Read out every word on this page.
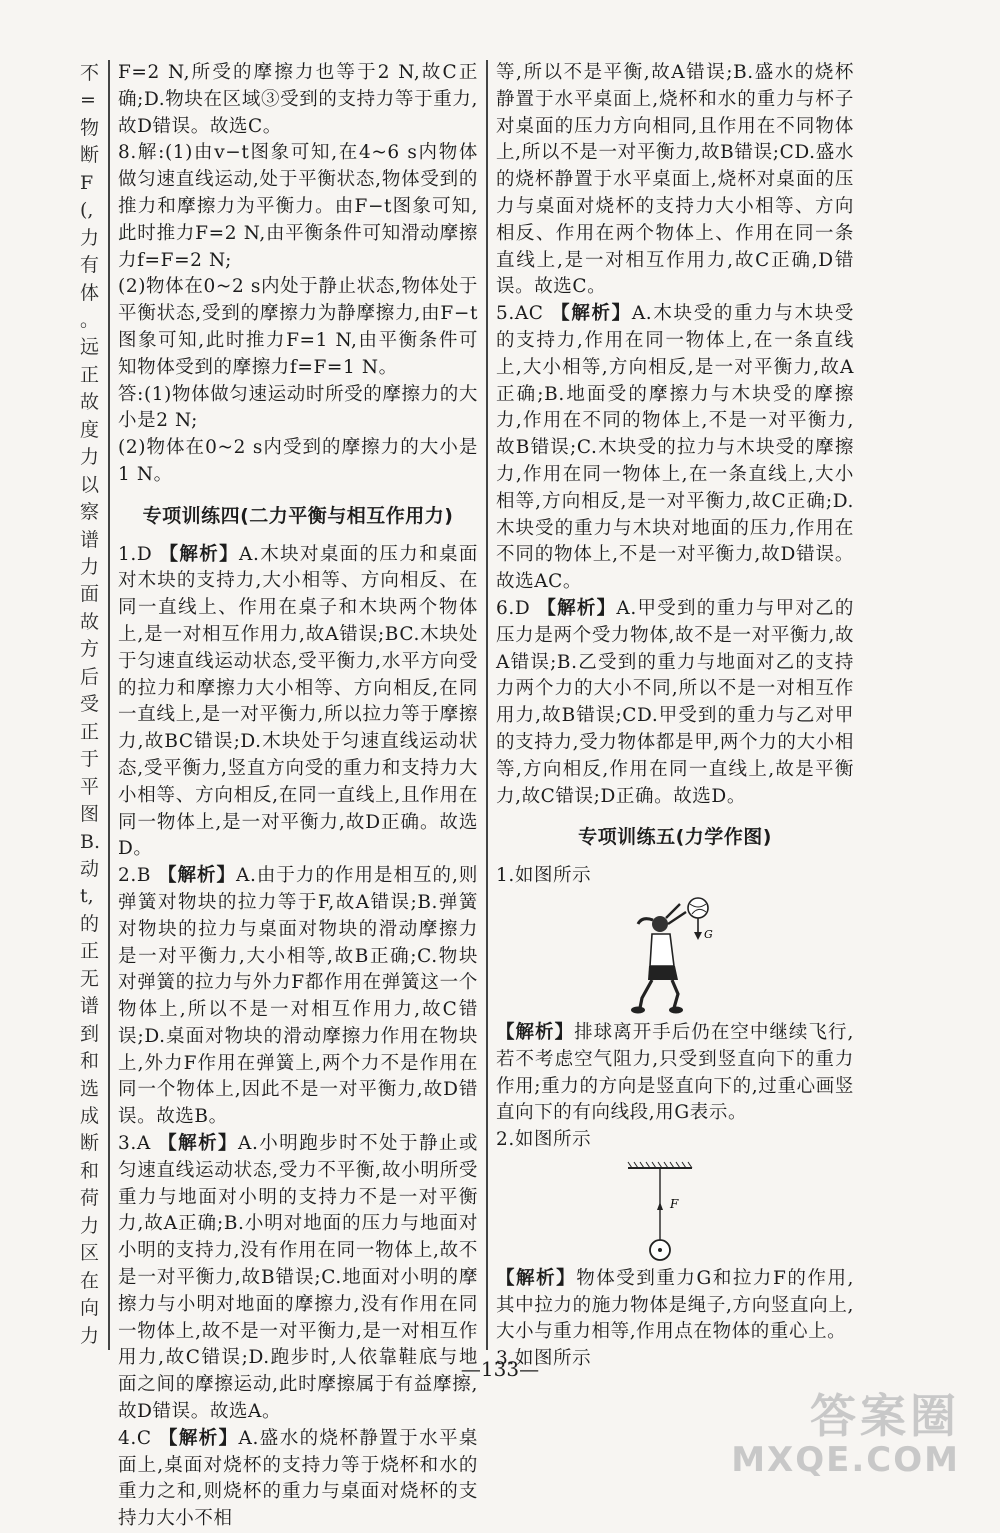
不
=
物
断
F
(,
力
有
体
。
远
正
故
度
力
以
察
谱
力
面
故
方
后
受
正
于
平
图
B.
动
t,
的
正
无
谱
到
和
选
成
断
和
荷
力
区
在
向
力

F=2 N,所受的摩擦力也等于2 N,故C正确;D.物块在区域③受到的支持力等于重力,故D错误。故选C。

8.解:(1)由v−t图象可知,在4~6 s内物体做匀速直线运动,处于平衡状态,物体受到的推力和摩擦力为平衡力。由F−t图象可知,此时推力F=2 N,由平衡条件可知滑动摩擦力f=F=2 N;

(2)物体在0~2 s内处于静止状态,物体处于平衡状态,受到的摩擦力为静摩擦力,由F−t图象可知,此时推力F=1 N,由平衡条件可知物体受到的摩擦力f=F=1 N。

答:(1)物体做匀速运动时所受的摩擦力的大小是2 N;

(2)物体在0~2 s内受到的摩擦力的大小是1 N。

专项训练四(二力平衡与相互作用力)

1.D 【解析】A.木块对桌面的压力和桌面对木块的支持力,大小相等、方向相反、在同一直线上、作用在桌子和木块两个物体上,是一对相互作用力,故A错误;BC.木块处于匀速直线运动状态,受平衡力,水平方向受的拉力和摩擦力大小相等、方向相反,在同一直线上,是一对平衡力,所以拉力等于摩擦力,故BC错误;D.木块处于匀速直线运动状态,受平衡力,竖直方向受的重力和支持力大小相等、方向相反,在同一直线上,且作用在同一物体上,是一对平衡力,故D正确。故选D。

2.B 【解析】A.由于力的作用是相互的,则弹簧对物块的拉力等于F,故A错误;B.弹簧对物块的拉力与桌面对物块的滑动摩擦力是一对平衡力,大小相等,故B正确;C.物块对弹簧的拉力与外力F都作用在弹簧这一个物体上,所以不是一对相互作用力,故C错误;D.桌面对物块的滑动摩擦力作用在物块上,外力F作用在弹簧上,两个力不是作用在同一个物体上,因此不是一对平衡力,故D错误。故选B。

3.A 【解析】A.小明跑步时不处于静止或匀速直线运动状态,受力不平衡,故小明所受重力与地面对小明的支持力不是一对平衡力,故A正确;B.小明对地面的压力与地面对小明的支持力,没有作用在同一物体上,故不是一对平衡力,故B错误;C.地面对小明的摩擦力与小明对地面的摩擦力,没有作用在同一物体上,故不是一对平衡力,是一对相互作用力,故C错误;D.跑步时,人依靠鞋底与地面之间的摩擦运动,此时摩擦属于有益摩擦,故D错误。故选A。

4.C 【解析】A.盛水的烧杯静置于水平桌面上,桌面对烧杯的支持力等于烧杯和水的重力之和,则烧杯的重力与桌面对烧杯的支持力大小不相

等,所以不是平衡,故A错误;B.盛水的烧杯静置于水平桌面上,烧杯和水的重力与杯子对桌面的压力方向相同,且作用在不同物体上,所以不是一对平衡力,故B错误;CD.盛水的烧杯静置于水平桌面上,烧杯对桌面的压力与桌面对烧杯的支持力大小相等、方向相反、作用在两个物体上、作用在同一条直线上,是一对相互作用力,故C正确,D错误。故选C。

5.AC 【解析】A.木块受的重力与木块受的支持力,作用在同一物体上,在一条直线上,大小相等,方向相反,是一对平衡力,故A正确;B.地面受的摩擦力与木块受的摩擦力,作用在不同的物体上,不是一对平衡力,故B错误;C.木块受的拉力与木块受的摩擦力,作用在同一物体上,在一条直线上,大小相等,方向相反,是一对平衡力,故C正确;D.木块受的重力与木块对地面的压力,作用在不同的物体上,不是一对平衡力,故D错误。故选AC。

6.D 【解析】A.甲受到的重力与甲对乙的压力是两个受力物体,故不是一对平衡力,故A错误;B.乙受到的重力与地面对乙的支持力两个力的大小不同,所以不是一对相互作用力,故B错误;CD.甲受到的重力与乙对甲的支持力,受力物体都是甲,两个力的大小相等,方向相反,作用在同一直线上,故是平衡力,故C错误;D正确。故选D。

专项训练五(力学作图)

1.如图所示

G

【解析】排球离开手后仍在空中继续飞行,若不考虑空气阻力,只受到竖直向下的重力作用;重力的方向是竖直向下的,过重心画竖直向下的有向线段,用G表示。

2.如图所示

F

【解析】物体受到重力G和拉力F的作用,其中拉力的施力物体是绳子,方向竖直向上,大小与重力相等,作用点在物体的重心上。

3.如图所示

—133—
答案圈
MXQE.COM
